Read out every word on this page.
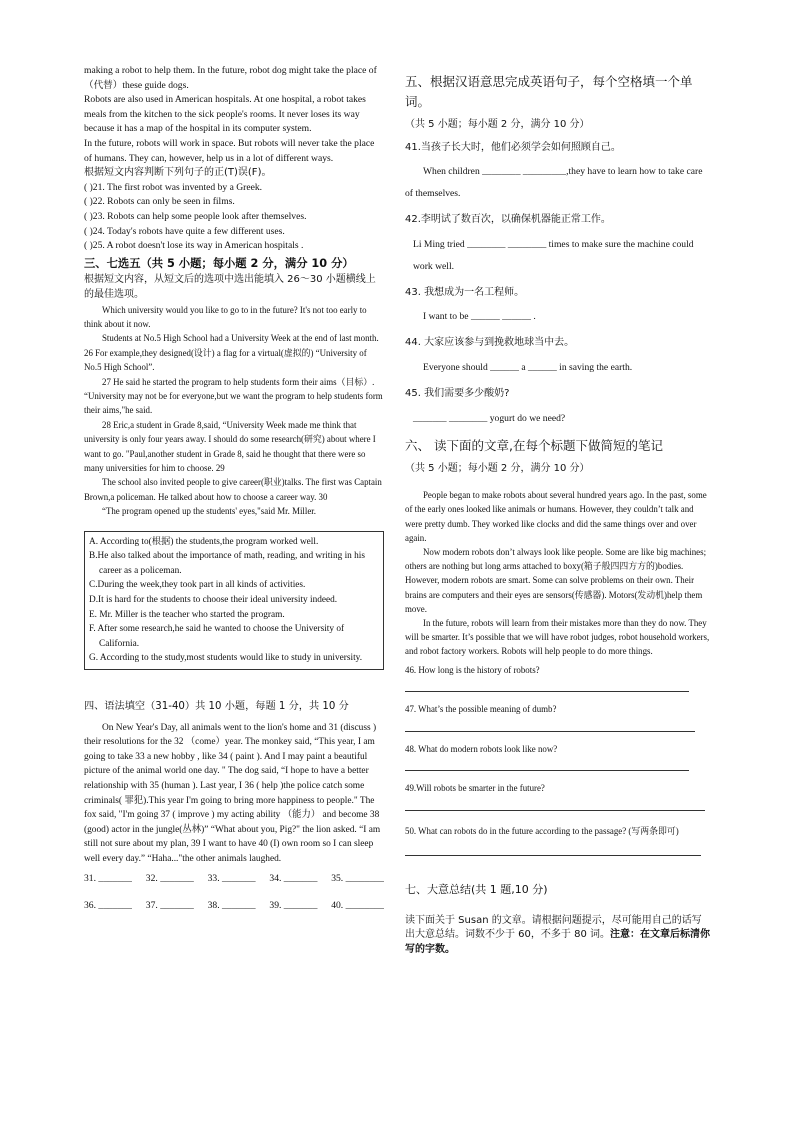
making a robot to help them. In the future, robot dog might take the place of （代替）these guide dogs.

Robots are also used in American hospitals. At one hospital, a robot takes meals from the kitchen to the sick people's rooms. It never loses its way because it has a map of the hospital in its computer system.

In the future, robots will work in space. But robots will never take the place of humans. They can, however, help us in a lot of different ways.

根据短文内容判断下列句子的正(T)误(F)。

( )21. The first robot was invented by a Greek.

( )22. Robots can only be seen in films.

( )23. Robots can help some people look after themselves.

( )24. Today's robots have quite a few different uses.

( )25. A robot doesn't lose its way in American hospitals .

三、七选五（共 5 小题；每小题 2 分，满分 10 分）

根据短文内容，从短文后的选项中选出能填入 26～30 小题横线上的最佳选项。

Which university would you like to go to in the future? It's not too early to think about it now.

Students at No.5 High School had a University Week at the end of last month. 26 For example,they designed(设计) a flag for a virtual(虚拟的) “University of No.5 High School”.

27 He said he started the program to help students form their aims（目标）. “University may not be for everyone,but we want the program to help students form their aims,"he said.

28 Eric,a student in Grade 8,said, “University Week made me think that university is only four years away. I should do some research(研究) about where I want to go. "Paul,another student in Grade 8, said he thought that there were so many universities for him to choose. 29

The school also invited people to give career(职业)talks. The first was Captain Brown,a policeman. He talked about how to choose a career way. 30

“The program opened up the students' eyes,"said Mr. Miller.

A. According to(根据) the students,the program worked well.

B.He also talked about the importance of math, reading, and writing in his career as a policeman.

C.During the week,they took part in all kinds of activities.

D.It is hard for the students to choose their ideal university indeed.

E. Mr. Miller is the teacher who started the program.

F. After some research,he said he wanted to choose the University of California.

G. According to the study,most students would like to study in university.

四、语法填空（31-40）共 10 小题，每题 1 分，共 10 分

On New Year's Day, all animals went to the lion's home and 31 (discuss ) their resolutions for the 32 （come）year. The monkey said, “This year, I am going to take 33 a new hobby , like 34 ( paint ). And I may paint a beautiful picture of the animal world one day. " The dog said, “I hope to have a better relationship with 35 (human ). Last year, I 36 ( help )the police catch some criminals( 罪犯).This year I'm going to bring more happiness to people." The fox said, "I'm going 37 ( improve ) my acting ability （能力） and become 38 (good) actor in the jungle(丛林)” “What about you, Pig?" the lion asked. “I am still not sure about my plan, 39 I want to have 40 (I) own room so I can sleep well every day.” “Haha..."the other animals laughed.

31. _______ 32. _______ 33. _______ 34. _______ 35. ________
36. _______ 37. _______ 38. _______ 39. _______ 40. ________

五、根据汉语意思完成英语句子，每个空格填一个单词。

（共 5 小题；每小题 2 分，满分 10 分）

41.当孩子长大时，他们必须学会如何照顾自己。

When children ________ _________,they have to learn how to take care of themselves.

42.李明试了数百次，以确保机器能正常工作。

Li Ming tried ________ ________ times to make sure the machine could work well.

43. 我想成为一名工程师。

I want to be ______ ______ .

44. 大家应该参与到挽救地球当中去。

Everyone should ______ a ______ in saving the earth.

45. 我们需要多少酸奶?

_______ ________ yogurt do we need?

六、 读下面的文章,在每个标题下做简短的笔记

（共 5 小题；每小题 2 分，满分 10 分）

People began to make robots about several hundred years ago. In the past, some of the early ones looked like animals or humans. However, they couldn’t talk and were pretty dumb. They worked like clocks and did the same things over and over again.

Now modern robots don’t always look like people. Some are like big machines; others are nothing but long arms attached to boxy(箱子般四四方方的)bodies. However, modern robots are smart. Some can solve problems on their own. Their brains are computers and their eyes are sensors(传感器). Motors(发动机)help them move.

In the future, robots will learn from their mistakes more than they do now. They will be smarter. It’s possible that we will have robot judges, robot household workers, and robot factory workers. Robots will help people to do more things.

46. How long is the history of robots?

47. What’s the possible meaning of dumb?

48. What do modern robots look like now?

49.Will robots be smarter in the future?

50. What can robots do in the future according to the passage? (写两条即可)

七、大意总结(共 1 题,10 分)

读下面关于 Susan 的文章。请根据问题提示，尽可能用自己的话写出大意总结。词数不少于 60，不多于 80 词。注意：在文章后标清你写的字数。
